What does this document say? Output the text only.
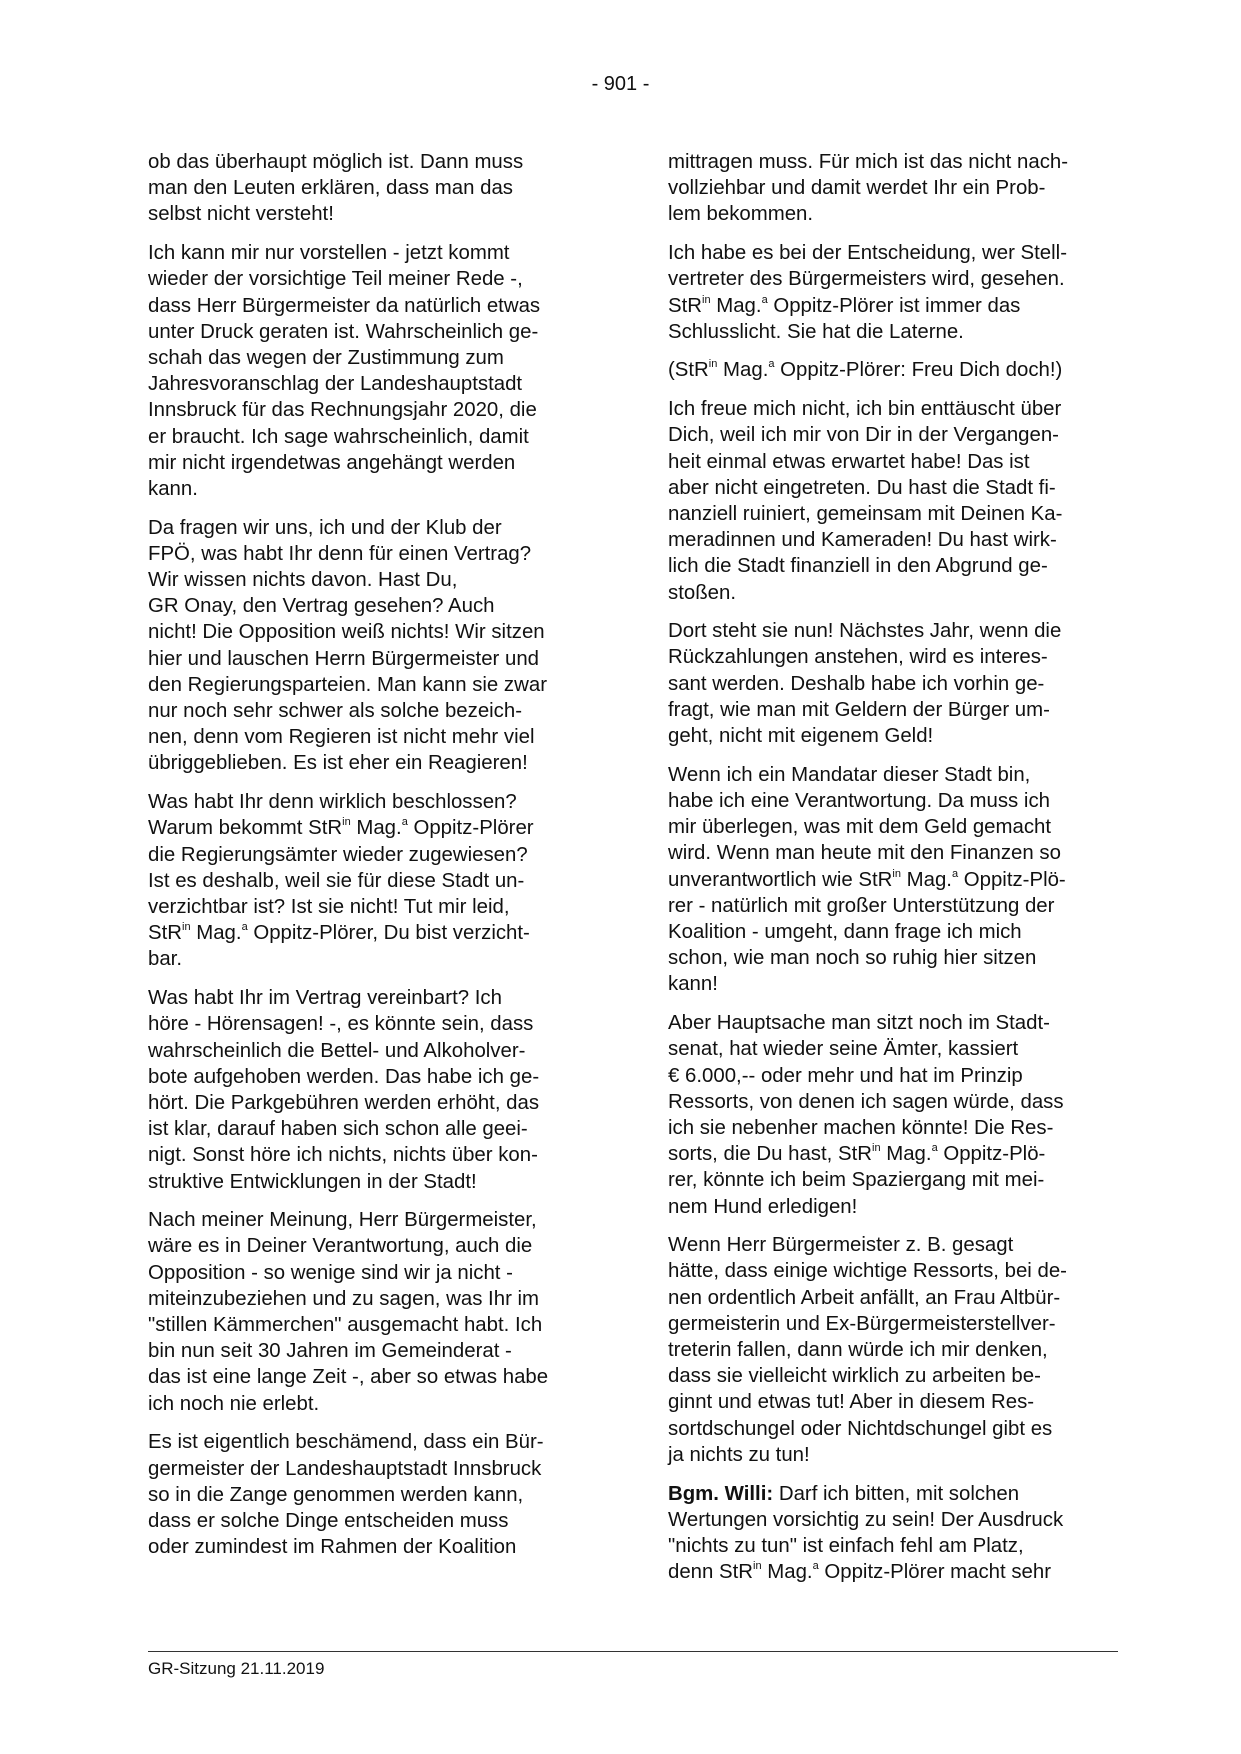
- 901 -

ob das überhaupt möglich ist. Dann muss
man den Leuten erklären, dass man das
selbst nicht versteht!

Ich kann mir nur vorstellen - jetzt kommt
wieder der vorsichtige Teil meiner Rede -,
dass Herr Bürgermeister da natürlich etwas
unter Druck geraten ist. Wahrscheinlich ge-
schah das wegen der Zustimmung zum
Jahresvoranschlag der Landeshauptstadt
Innsbruck für das Rechnungsjahr 2020, die
er braucht. Ich sage wahrscheinlich, damit
mir nicht irgendetwas angehängt werden
kann.

Da fragen wir uns, ich und der Klub der
FPÖ, was habt Ihr denn für einen Vertrag?
Wir wissen nichts davon. Hast Du,
GR Onay, den Vertrag gesehen? Auch
nicht! Die Opposition weiß nichts! Wir sitzen
hier und lauschen Herrn Bürgermeister und
den Regierungsparteien. Man kann sie zwar
nur noch sehr schwer als solche bezeich-
nen, denn vom Regieren ist nicht mehr viel
übriggeblieben. Es ist eher ein Reagieren!

Was habt Ihr denn wirklich beschlossen?
Warum bekommt StR$^{in}$ Mag.$^a$ Oppitz-Plörer
die Regierungsämter wieder zugewiesen?
Ist es deshalb, weil sie für diese Stadt un-
verzichtbar ist? Ist sie nicht! Tut mir leid,
StR$^{in}$ Mag.$^a$ Oppitz-Plörer, Du bist verzicht-
bar.

Was habt Ihr im Vertrag vereinbart? Ich
höre - Hörensagen! -, es könnte sein, dass
wahrscheinlich die Bettel- und Alkoholver-
bote aufgehoben werden. Das habe ich ge-
hört. Die Parkgebühren werden erhöht, das
ist klar, darauf haben sich schon alle geei-
nigt. Sonst höre ich nichts, nichts über kon-
struktive Entwicklungen in der Stadt!

Nach meiner Meinung, Herr Bürgermeister,
wäre es in Deiner Verantwortung, auch die
Opposition - so wenige sind wir ja nicht -
miteinzubeziehen und zu sagen, was Ihr im
"stillen Kämmerchen" ausgemacht habt. Ich
bin nun seit 30 Jahren im Gemeinderat -
das ist eine lange Zeit -, aber so etwas habe
ich noch nie erlebt.

Es ist eigentlich beschämend, dass ein Bür-
germeister der Landeshauptstadt Innsbruck
so in die Zange genommen werden kann,
dass er solche Dinge entscheiden muss
oder zumindest im Rahmen der Koalition

mittragen muss. Für mich ist das nicht nach-
vollziehbar und damit werdet Ihr ein Prob-
lem bekommen.

Ich habe es bei der Entscheidung, wer Stell-
vertreter des Bürgermeisters wird, gesehen.
StR$^{in}$ Mag.$^a$ Oppitz-Plörer ist immer das
Schlusslicht. Sie hat die Laterne.

(StR$^{in}$ Mag.$^a$ Oppitz-Plörer: Freu Dich doch!)

Ich freue mich nicht, ich bin enttäuscht über
Dich, weil ich mir von Dir in der Vergangen-
heit einmal etwas erwartet habe! Das ist
aber nicht eingetreten. Du hast die Stadt fi-
nanziell ruiniert, gemeinsam mit Deinen Ka-
meradinnen und Kameraden! Du hast wirk-
lich die Stadt finanziell in den Abgrund ge-
stoßen.

Dort steht sie nun! Nächstes Jahr, wenn die
Rückzahlungen anstehen, wird es interes-
sant werden. Deshalb habe ich vorhin ge-
fragt, wie man mit Geldern der Bürger um-
geht, nicht mit eigenem Geld!

Wenn ich ein Mandatar dieser Stadt bin,
habe ich eine Verantwortung. Da muss ich
mir überlegen, was mit dem Geld gemacht
wird. Wenn man heute mit den Finanzen so
unverantwortlich wie StR$^{in}$ Mag.$^a$ Oppitz-Plö-
rer - natürlich mit großer Unterstützung der
Koalition - umgeht, dann frage ich mich
schon, wie man noch so ruhig hier sitzen
kann!

Aber Hauptsache man sitzt noch im Stadt-
senat, hat wieder seine Ämter, kassiert
€ 6.000,-- oder mehr und hat im Prinzip
Ressorts, von denen ich sagen würde, dass
ich sie nebenher machen könnte! Die Res-
sorts, die Du hast, StR$^{in}$ Mag.$^a$ Oppitz-Plö-
rer, könnte ich beim Spaziergang mit mei-
nem Hund erledigen!

Wenn Herr Bürgermeister z. B. gesagt
hätte, dass einige wichtige Ressorts, bei de-
nen ordentlich Arbeit anfällt, an Frau Altbür-
germeisterin und Ex-Bürgermeisterstellver-
treterin fallen, dann würde ich mir denken,
dass sie vielleicht wirklich zu arbeiten be-
ginnt und etwas tut! Aber in diesem Res-
sortdschungel oder Nichtdschungel gibt es
ja nichts zu tun!

Bgm. Willi: Darf ich bitten, mit solchen
Wertungen vorsichtig zu sein! Der Ausdruck
"nichts zu tun" ist einfach fehl am Platz,
denn StR$^{in}$ Mag.$^a$ Oppitz-Plörer macht sehr

GR-Sitzung 21.11.2019
